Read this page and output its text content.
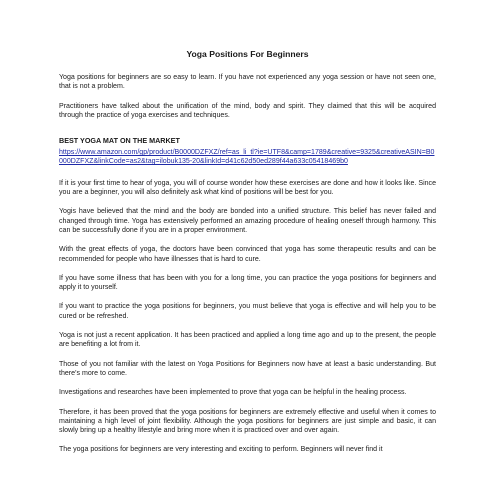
Yoga Positions For Beginners

Yoga positions for beginners are so easy to learn. If you have not experienced any yoga session or have not seen one, that is not a problem.

Practitioners have talked about the unification of the mind, body and spirit. They claimed that this will be acquired through the practice of yoga exercises and techniques.

BEST YOGA MAT ON THE MARKET
https://www.amazon.com/gp/product/B0000DZFXZ/ref=as_li_tl?ie=UTF8&camp=1789&creative=9325&creativeASIN=B0000DZFXZ&linkCode=as2&tag=ilobuk135-20&linkId=d41c62d50ed289f44a633c05418469b0

If it is your first time to hear of yoga, you will of course wonder how these exercises are done and how it looks like. Since you are a beginner, you will also definitely ask what kind of positions will be best for you.

Yogis have believed that the mind and the body are bonded into a unified structure. This belief has never failed and changed through time. Yoga has extensively performed an amazing procedure of healing oneself through harmony. This can be successfully done if you are in a proper environment.

With the great effects of yoga, the doctors have been convinced that yoga has some therapeutic results and can be recommended for people who have illnesses that is hard to cure.

If you have some illness that has been with you for a long time, you can practice the yoga positions for beginners and apply it to yourself.

If you want to practice the yoga positions for beginners, you must believe that yoga is effective and will help you to be cured or be refreshed.

Yoga is not just a recent application. It has been practiced and applied a long time ago and up to the present, the people are benefiting a lot from it.

Those of you not familiar with the latest on Yoga Positions for Beginners now have at least a basic understanding. But there’s more to come.

Investigations and researches have been implemented to prove that yoga can be helpful in the healing process.

Therefore, it has been proved that the yoga positions for beginners are extremely effective and useful when it comes to maintaining a high level of joint flexibility. Although the yoga positions for beginners are just simple and basic, it can slowly bring up a healthy lifestyle and bring more when it is practiced over and over again.

The yoga positions for beginners are very interesting and exciting to perform. Beginners will never find it
